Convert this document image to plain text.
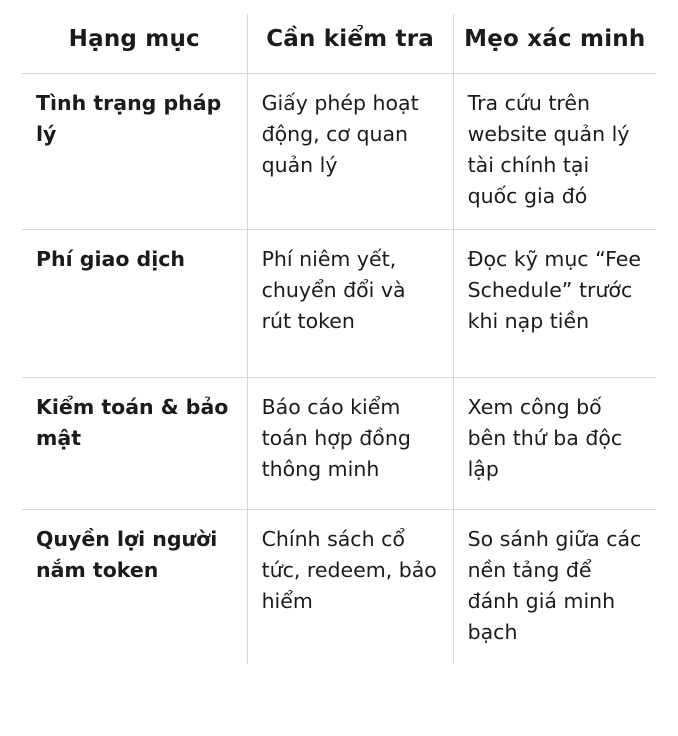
Hạng mục	Cần kiểm tra	Mẹo xác minh
Tình trạng pháp lý	Giấy phép hoạt động, cơ quan quản lý	Tra cứu trên website quản lý tài chính tại quốc gia đó
Phí giao dịch	Phí niêm yết, chuyển đổi và rút token	Đọc kỹ mục “Fee Schedule” trước khi nạp tiền
Kiểm toán & bảo mật	Báo cáo kiểm toán hợp đồng thông minh	Xem công bố bên thứ ba độc lập
Quyền lợi người nắm token	Chính sách cổ tức, redeem, bảo hiểm	So sánh giữa các nền tảng để đánh giá minh bạch
